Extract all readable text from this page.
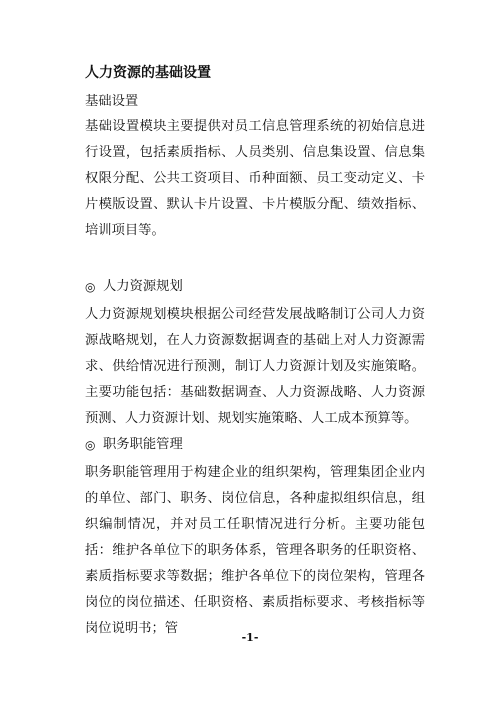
人力资源的基础设置

基础设置

基础设置模块主要提供对员工信息管理系统的初始信息进行设置，包括素质指标、人员类别、信息集设置、信息集权限分配、公共工资项目、币种面额、员工变动定义、卡片模版设置、默认卡片设置、卡片模版分配、绩效指标、培训项目等。

◎ 人力资源规划

人力资源规划模块根据公司经营发展战略制订公司人力资源战略规划，在人力资源数据调查的基础上对人力资源需求、供给情况进行预测，制订人力资源计划及实施策略。主要功能包括：基础数据调查、人力资源战略、人力资源预测、人力资源计划、规划实施策略、人工成本预算等。

◎ 职务职能管理

职务职能管理用于构建企业的组织架构，管理集团企业内的单位、部门、职务、岗位信息，各种虚拟组织信息，组织编制情况，并对员工任职情况进行分析。主要功能包括：维护各单位下的职务体系，管理各职务的任职资格、素质指标要求等数据；维护各单位下的岗位架构，管理各岗位的岗位描述、任职资格、素质指标要求、考核指标等岗位说明书；管

-1-
